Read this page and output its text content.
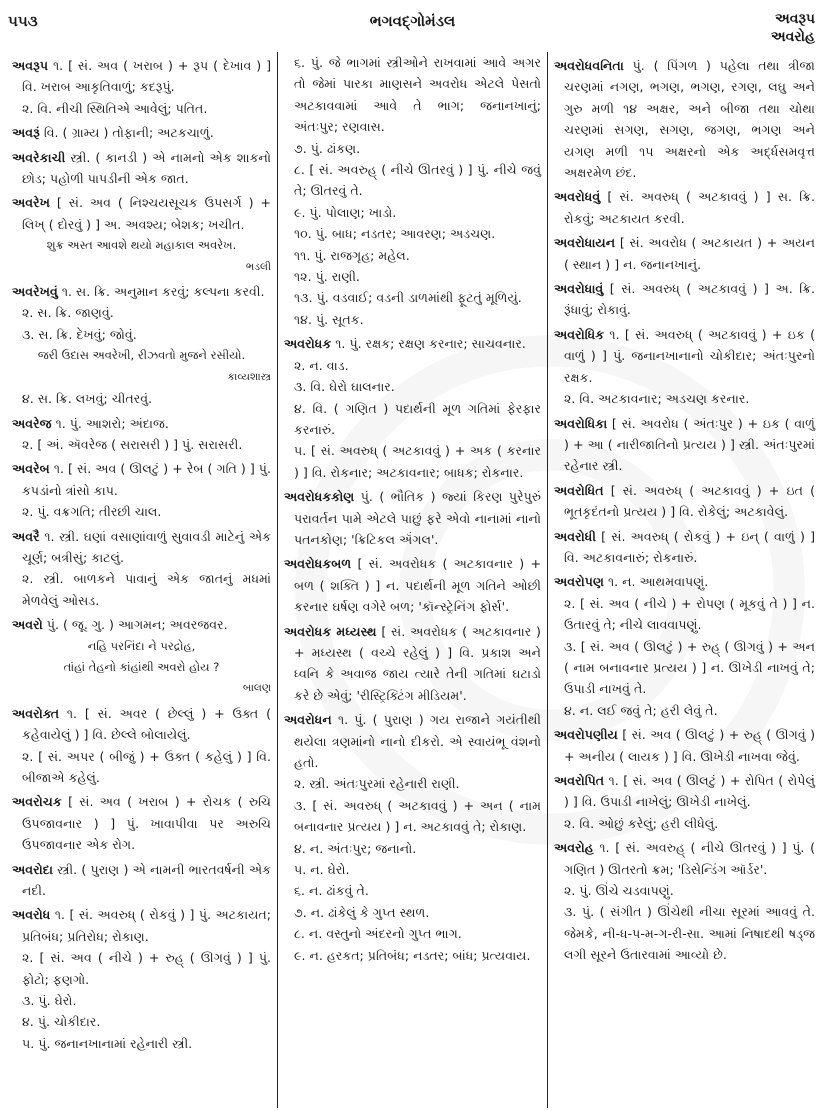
૫૫૩	ભગવદ્ગોમંડલ	અવરૂપ
અવરોહ

અવરૂપ ૧. [ સં. અવ ( ખરાબ ) + રૂપ ( દેખાવ ) ] વિ. ખરાબ આકૃતિવાળું; કદરૂપું.

૨. વિ. નીચી સ્થિતિએ આવેલું; પતિત.

અવરૂં વિ. ( ગ્રામ્ય ) તોફાની; અટકચાળું.

અવરેકાચી સ્ત્રી. ( કાનડી ) એ નામનો એક શાકનો છોડ; પહોળી પાપડીની એક જાત.

અવરેખ [ સં. અવ ( નિશ્ચયસૂચક ઉપસર્ગ ) + લિખ્ ( દોરવું ) ] અ. અવશ્ય; બેશક; ખચીત.

શુક્ર અસ્ત આવશે થયો મહાકાલ અવરેખ.

ભડલી

અવરેખવું ૧. સ. ક્રિ. અનુમાન કરવું; કલ્પના કરવી.

૨. સ. ક્રિ. જાણવું.

૩. સ. ક્રિ. દેખવું; જોવું.

જરી ઉદાસ અવરેખી, રીઝવતો મુજને રસીયો.

કાવ્યશાસ્ત્ર

૪. સ. ક્રિ. લખવું; ચીતરવું.

અવરેજ ૧. પું. આશરો; અંદાજ.

૨. [ અં. ઍવરેજ ( સરાસરી ) ] પું. સરાસરી.

અવરેબ ૧. [ સં. અવ ( ઊલટું ) + રેબ ( ગતિ ) ] પું. કપડાંનો ત્રાંસો કાપ.

૨. પું. વક્રગતિ; તીરછી ચાલ.

અવરૈ ૧. સ્ત્રી. ઘણાં વસાણાંવાળું સુવાવડી માટેનું એક ચૂર્ણ; બત્રીસું; કાટલું.

૨. સ્ત્રી. બાળકને પાવાનું એક જાતનું મધમાં મેળવેલું ઓસડ.

અવરો પું. ( જૂ. ગુ. ) આગમન; અવરજવર.

નહિ પરનિંદા ને પરદ્રોહ,

તાંહાં તેહનો કાંહાંથી અવરો હોય ?

બાલણ

અવરોક્ત ૧. [ સં. અવર ( છેલ્લું ) + ઉક્ત ( કહેવાયેલું ) ] વિ. છેલ્લે બોલાયેલું.

૨. [ સં. અપર ( બીજું ) + ઉક્ત ( કહેલું ) ] વિ. બીજાએ કહેલું.

અવરોચક [ સં. અવ ( ખરાબ ) + રોચક ( રુચિ ઉપજાવનાર ) ] પું. ખાવાપીવા પર અરુચિ ઉપજાવનાર એક રોગ.

અવરોદા સ્ત્રી. ( પુરાણ ) એ નામની ભારતવર્ષની એક નદી.

અવરોધ ૧. [ સં. અવરુધ્ ( રોકવું ) ] પું. અટકાયત; પ્રતિબંધ; પ્રતિરોધ; રોકાણ.

૨. [ સં. અવ ( નીચે ) + રુહ્ ( ઊગવું ) ] પું. ફોટો; ફણગો.

૩. પું. ઘેરો.

૪. પું. ચોકીદાર.

૫. પું. જનાનખાનામાં રહેનારી સ્ત્રી.

૬. પું. જે ભાગમાં સ્ત્રીઓને રાખવામાં આવે અગર તો જેમાં પારકા માણસને અવરોધ એટલે પેસતો અટકાવવામાં આવે તે ભાગ; જનાનખાનું; અંતઃપુર; રણવાસ.

૭. પું. ઢાંકણ.

૮. [ સં. અવરુહ્ ( નીચે ઊતરવું ) ] પું. નીચે જવું તે; ઊતરવું તે.

૯. પું. પોલાણ; ખાડો.

૧૦. પું. બાધ; નડતર; આવરણ; અડચણ.

૧૧. પું. રાજગૃહ; મહેલ.

૧૨. પું. રાણી.

૧૩. પું. વડવાઈ; વડની ડાળમાંથી ફૂટતું મૂળિયું.

૧૪. પું. સૂતક.

અવરોધક ૧. પું. રક્ષક; રક્ષણ કરનાર; સાચવનાર.

૨. ન. વાડ.

૩. વિ. ઘેરો ઘાલનાર.

૪. વિ. ( ગણિત ) પદાર્થની મૂળ ગતિમાં ફેરફાર કરનારું.

૫. [ સં. અવરુધ્ ( અટકાવવું ) + અક ( કરનાર ) ] વિ. રોકનાર; અટકાવનાર; બાધક; રોકનાર.

અવરોધકકોણ પું. ( ભૌતિક ) જ્યાં કિરણ પુરેપુરું પરાવર્તન પામે એટલે પાછું ફરે એવો નાનામાં નાનો પતનકોણ; 'ક્રિટિકલ ઍંગલ'.

અવરોધકબળ [ સં. અવરોધક ( અટકાવનાર ) + બળ ( શક્તિ ) ] ન. પદાર્થની મૂળ ગતિને ઓછી કરનાર ઘર્ષણ વગેરે બળ; 'કૉન્સ્ટ્રેનિંગ ફોર્સ'.

અવરોધક મધ્યસ્થ [ સં. અવરોધક ( અટકાવનાર ) + મધ્યસ્થ ( વચ્ચે રહેલું ) ] વિ. પ્રકાશ અને ધ્વનિ કે અવાજ જાય ત્યારે તેની ગતિમાં ઘટાડો કરે છે એવું; 'રીસ્ટ્રિક્ટિંગ મીડિયમ'.

અવરોધન ૧. પું. ( પુરાણ ) ગય રાજાને ગયંતીથી થયેલા ત્રણમાંનો નાનો દીકરો. એ સ્વાયંભૂ વંશનો હતો.

૨. સ્ત્રી. અંતઃપુરમાં રહેનારી રાણી.

૩. [ સં. અવરુધ્ ( અટકાવવું ) + અન ( નામ બનાવનાર પ્રત્યય ) ] ન. અટકાવવું તે; રોકાણ.

૪. ન. અંતઃપુર; જનાનો.

૫. ન. ઘેરો.

૬. ન. ઢાંકવું તે.

૭. ન. ઢાંકેલું કે ગુપ્ત સ્થળ.

૮. ન. વસ્તુનો અંદરનો ગુપ્ત ભાગ.

૯. ન. હરકત; પ્રતિબંધ; નડતર; બાંધ; પ્રત્યવાય.

અવરોધવનિતા પું. ( પિંગળ ) પહેલા તથા ત્રીજા ચરણમાં નગણ, ભગણ, ભગણ, રગણ, લઘુ અને ગુરુ મળી ૧૪ અક્ષર, અને બીજા તથા ચોથા ચરણમાં સગણ, સગણ, જગણ, ભગણ અને યગણ મળી ૧૫ અક્ષરનો એક અર્દ્ધસમવૃત્ત અક્ષરમેળ છંદ.

અવરોધવું [ સં. અવરુધ્ ( અટકાવવું ) ] સ. ક્રિ. રોકવું; અટકાયત કરવી.

અવરોધાયન [ સં. અવરોધ ( અટકાયત ) + અયન ( સ્થાન ) ] ન. જનાનખાનું.

અવરોધાવું [ સં. અવરુધ્ ( અટકાવવું ) ] અ. ક્રિ. રૂંધાવું; રોકાવું.

અવરોધિક ૧. [ સં. અવરુધ્ ( અટકાવવું ) + ઇક ( વાળું ) ] પું. જનાનખાનાનો ચોકીદાર; અંતઃપુરનો રક્ષક.

૨. વિ. અટકાવનાર; અડચણ કરનાર.

અવરોધિકા [ સં. અવરોધ ( અંતઃપુર ) + ઇક ( વાળું ) + આ ( નારીજાતિનો પ્રત્યય ) ] સ્ત્રી. અંતઃપુરમાં રહેનાર સ્ત્રી.

અવરોધિત [ સં. અવરુધ્ ( અટકાવવું ) + ઇત ( ભૂતકૃદંતનો પ્રત્યય ) ] વિ. રોકેલું; અટકાવેલું.

અવરોધી [ સં. અવરુધ્ ( રોકવું ) + ઇન્ ( વાળું ) ] વિ. અટકાવનારું; રોકનારું.

અવરોપણ ૧. ન. આથમવાપણું.

૨. [ સં. અવ ( નીચે ) + રોપણ ( મૂકવું તે ) ] ન. ઉતારવું તે; નીચે લાવવાપણું.

૩. [ સં. અવ ( ઊલટું ) + રુહ્ ( ઊગવું ) + અન ( નામ બનાવનાર પ્રત્યય ) ] ન. ઊખેડી નાખવું તે; ઉપાડી નાખવું તે.

૪. ન. લઈ જવું તે; હરી લેવું તે.

અવરોપણીય [ સં. અવ ( ઊલટું ) + રુહ્ ( ઊગવું ) + અનીય ( લાયક ) ] વિ. ઊખેડી નાખવા જેવું.

અવરોપિત ૧. [ સં. અવ ( ઊલટું ) + રોપિત ( રોપેલું ) ] વિ. ઉપાડી નાખેલું; ઊખેડી નાખેલું.

૨. વિ. ઓછું કરેલું; હરી લીધેલું.

અવરોહ ૧. [ સં. અવરુહ્ ( નીચે ઊતરવું ) ] પું. ( ગણિત ) ઊતરતો ક્રમ; 'ડિસેન્ડિંગ ઑર્ડર'.

૨. પું. ઊંચે ચડવાપણું.

૩. પું. ( સંગીત ) ઊંચેથી નીચા સૂરમાં આવવું તે. જેમકે, ની-ધ-પ-મ-ગ-રી-સા. આમાં નિષાદથી ષડ્જ લગી સૂરને ઉતારવામાં આવ્યો છે.
